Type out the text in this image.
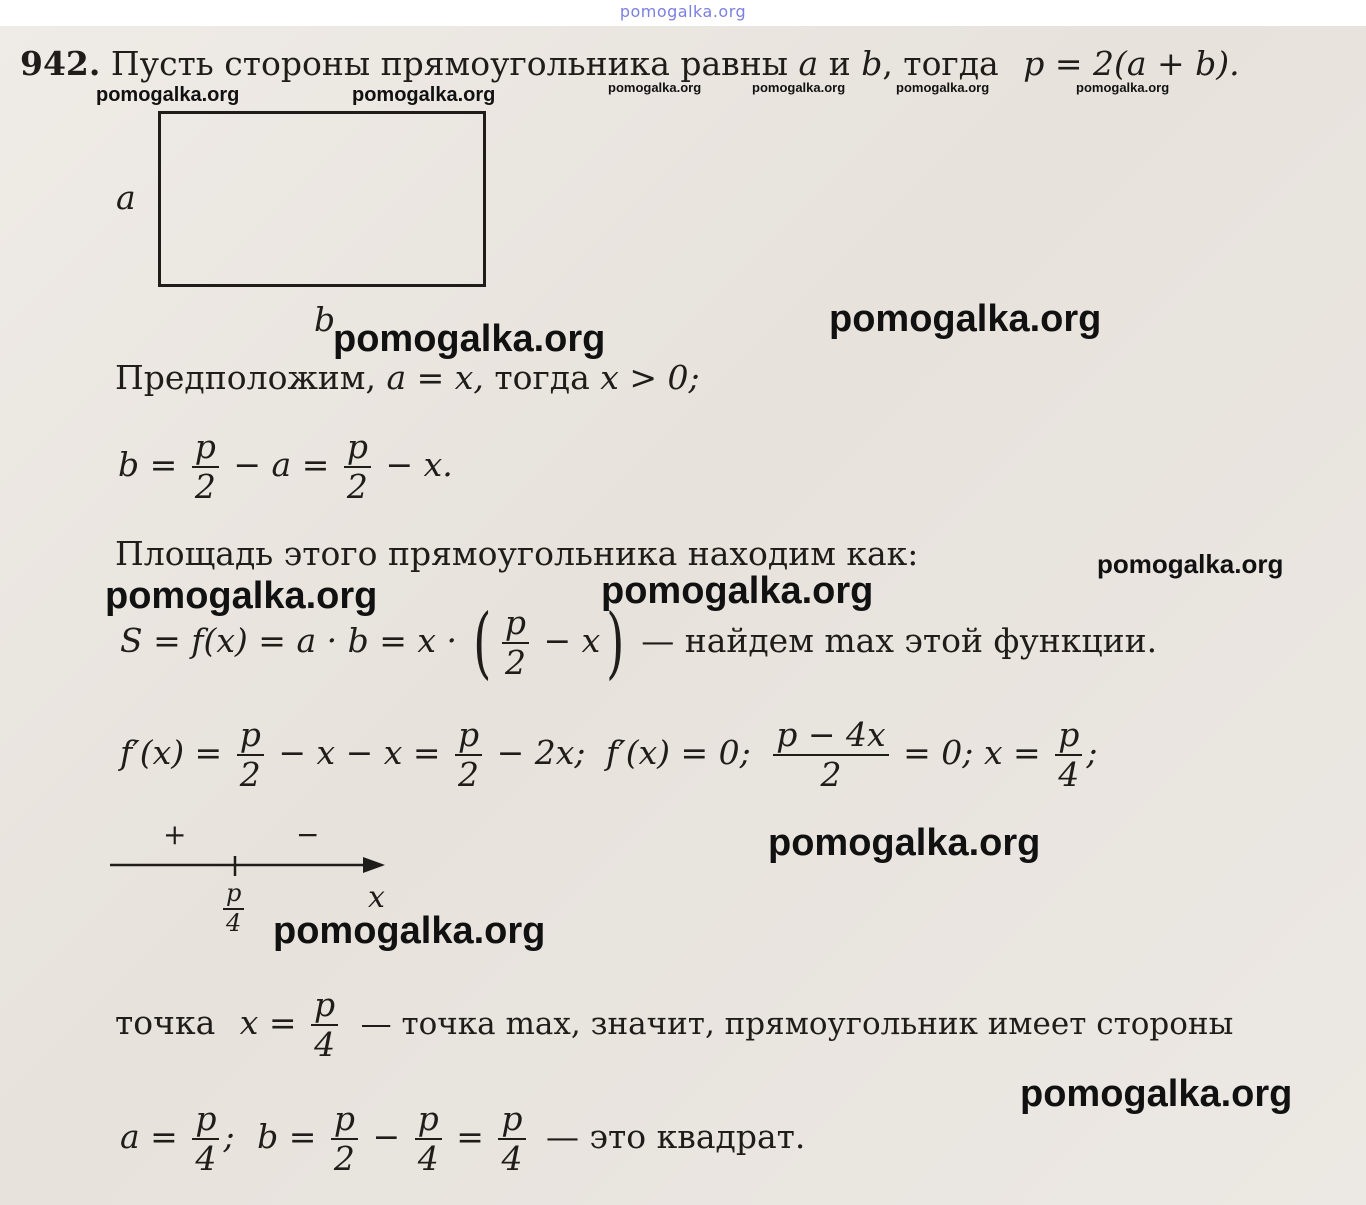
pomogalka.org
942. Пусть стороны прямоугольника равны a и b, тогда p = 2(a + b).
a
b
Предположим, a = x, тогда x > 0;
$b = \frac{p}{2} - a = \frac{p}{2} - x$.
Площадь этого прямоугольника находим как:
S = f(x) = a · b = x · ( $\frac{p}{2} - x$) — найдем max этой функции.
$f'(x) = \frac{p}{2} - x - x = \frac{p}{2} - 2x$; f′(x) = 0; $\frac{p - 4x}{2} = 0$; $x = \frac{p}{4}$ ;
+	−
$\frac{p}{4}$	x
точка $x = \frac{p}{4}$ — точка max, значит, прямоугольник имеет стороны
$a = \frac{p}{4}$ ; $b = \frac{p}{2} - \frac{p}{4} = \frac{p}{4}$ — это квадрат.
pomogalka.org	pomogalka.org
pomogalka.org
pomogalka.org	pomogalka.org	pomogalka.org	pomogalka.org
pomogalka.org	pomogalka.org
pomogalka.org	pomogalka.org
pomogalka.org
pomogalka.org
pomogalka.org
